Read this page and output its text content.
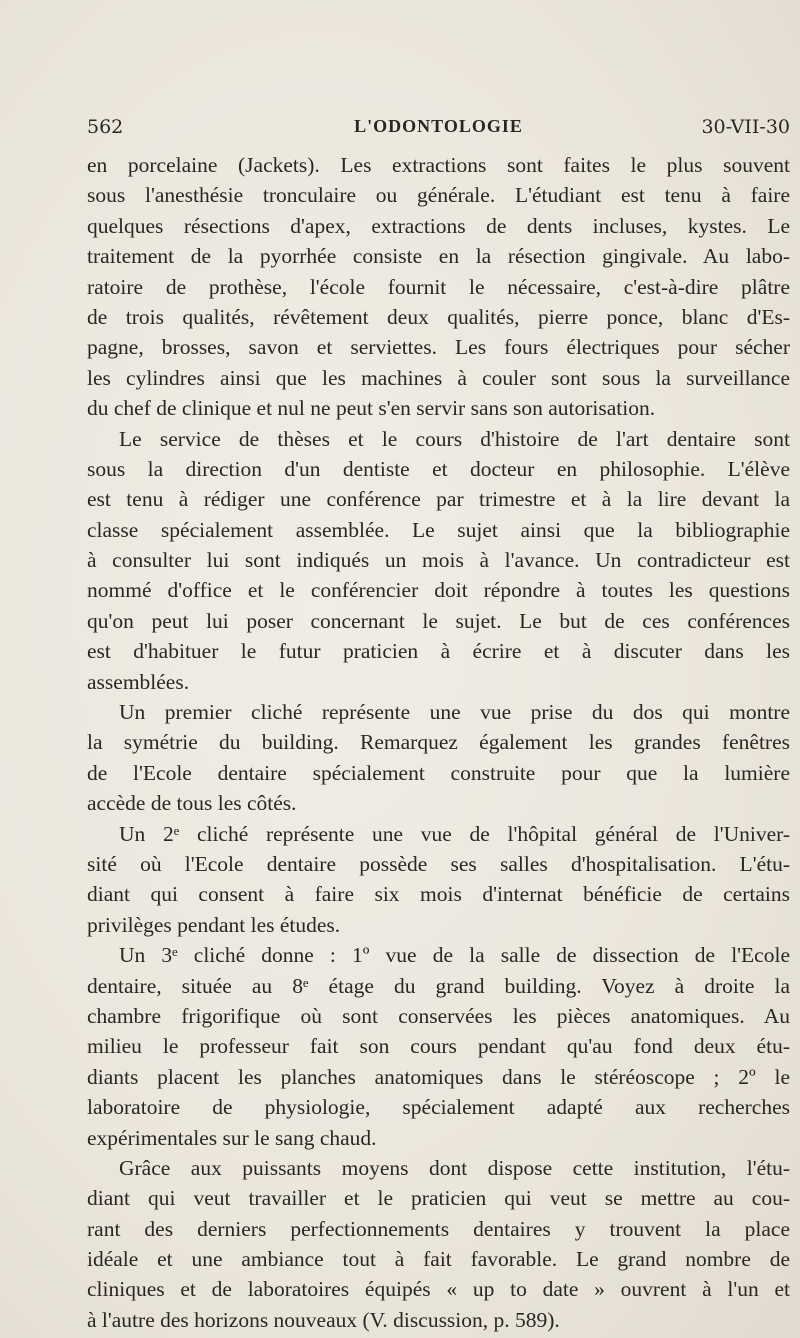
562	L'ODONTOLOGIE	30-VII-30
en porcelaine (Jackets). Les extractions sont faites le plus souvent
sous l'anesthésie tronculaire ou générale. L'étudiant est tenu à faire
quelques résections d'apex, extractions de dents incluses, kystes. Le
traitement de la pyorrhée consiste en la résection gingivale. Au labo-
ratoire de prothèse, l'école fournit le nécessaire, c'est-à-dire plâtre
de trois qualités, révêtement deux qualités, pierre ponce, blanc d'Es-
pagne, brosses, savon et serviettes. Les fours électriques pour sécher
les cylindres ainsi que les machines à couler sont sous la surveillance
du chef de clinique et nul ne peut s'en servir sans son autorisation.
Le service de thèses et le cours d'histoire de l'art dentaire sont
sous la direction d'un dentiste et docteur en philosophie. L'élève
est tenu à rédiger une conférence par trimestre et à la lire devant la
classe spécialement assemblée. Le sujet ainsi que la bibliographie
à consulter lui sont indiqués un mois à l'avance. Un contradicteur est
nommé d'office et le conférencier doit répondre à toutes les questions
qu'on peut lui poser concernant le sujet. Le but de ces conférences
est d'habituer le futur praticien à écrire et à discuter dans les
assemblées.
Un premier cliché représente une vue prise du dos qui montre
la symétrie du building. Remarquez également les grandes fenêtres
de l'Ecole dentaire spécialement construite pour que la lumière
accède de tous les côtés.
Un 2ᵉ cliché représente une vue de l'hôpital général de l'Univer-
sité où l'Ecole dentaire possède ses salles d'hospitalisation. L'étu-
diant qui consent à faire six mois d'internat bénéficie de certains
privilèges pendant les études.
Un 3ᵉ cliché donne : 1º vue de la salle de dissection de l'Ecole
dentaire, située au 8ᵉ étage du grand building. Voyez à droite la
chambre frigorifique où sont conservées les pièces anatomiques. Au
milieu le professeur fait son cours pendant qu'au fond deux étu-
diants placent les planches anatomiques dans le stéréoscope ; 2º le
laboratoire de physiologie, spécialement adapté aux recherches
expérimentales sur le sang chaud.
Grâce aux puissants moyens dont dispose cette institution, l'étu-
diant qui veut travailler et le praticien qui veut se mettre au cou-
rant des derniers perfectionnements dentaires y trouvent la place
idéale et une ambiance tout à fait favorable. Le grand nombre de
cliniques et de laboratoires équipés « up to date » ouvrent à l'un et
à l'autre des horizons nouveaux (V. discussion, p. 589).
